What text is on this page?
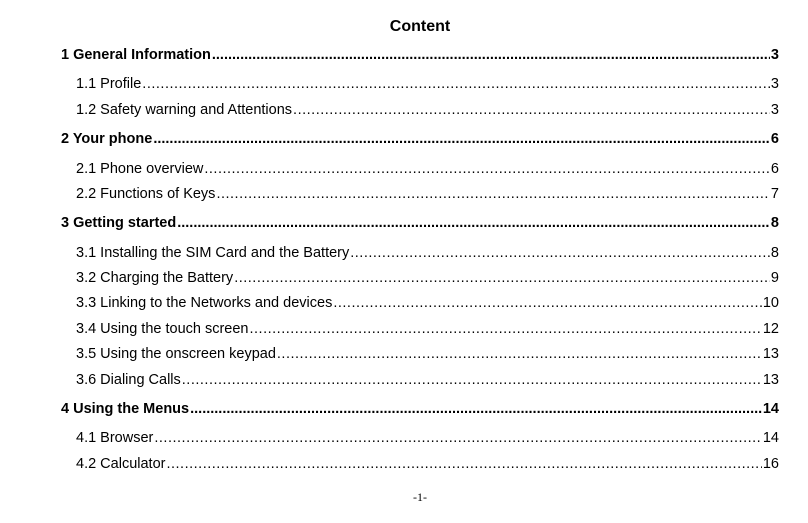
Content
1 General Information .....	3
1.1 Profile .....	3
1.2 Safety warning and Attentions .....	3
2 Your phone .....	6
2.1 Phone overview .....	6
2.2 Functions of Keys .....	7
3 Getting started .....	8
3.1 Installing the SIM Card and the Battery .....	8
3.2 Charging the Battery .....	9
3.3 Linking to the Networks and devices .....	10
3.4 Using the touch screen .....	12
3.5 Using the onscreen keypad .....	13
3.6 Dialing Calls .....	13
4 Using the Menus .....	14
4.1 Browser .....	14
4.2 Calculator .....	16
-1-
